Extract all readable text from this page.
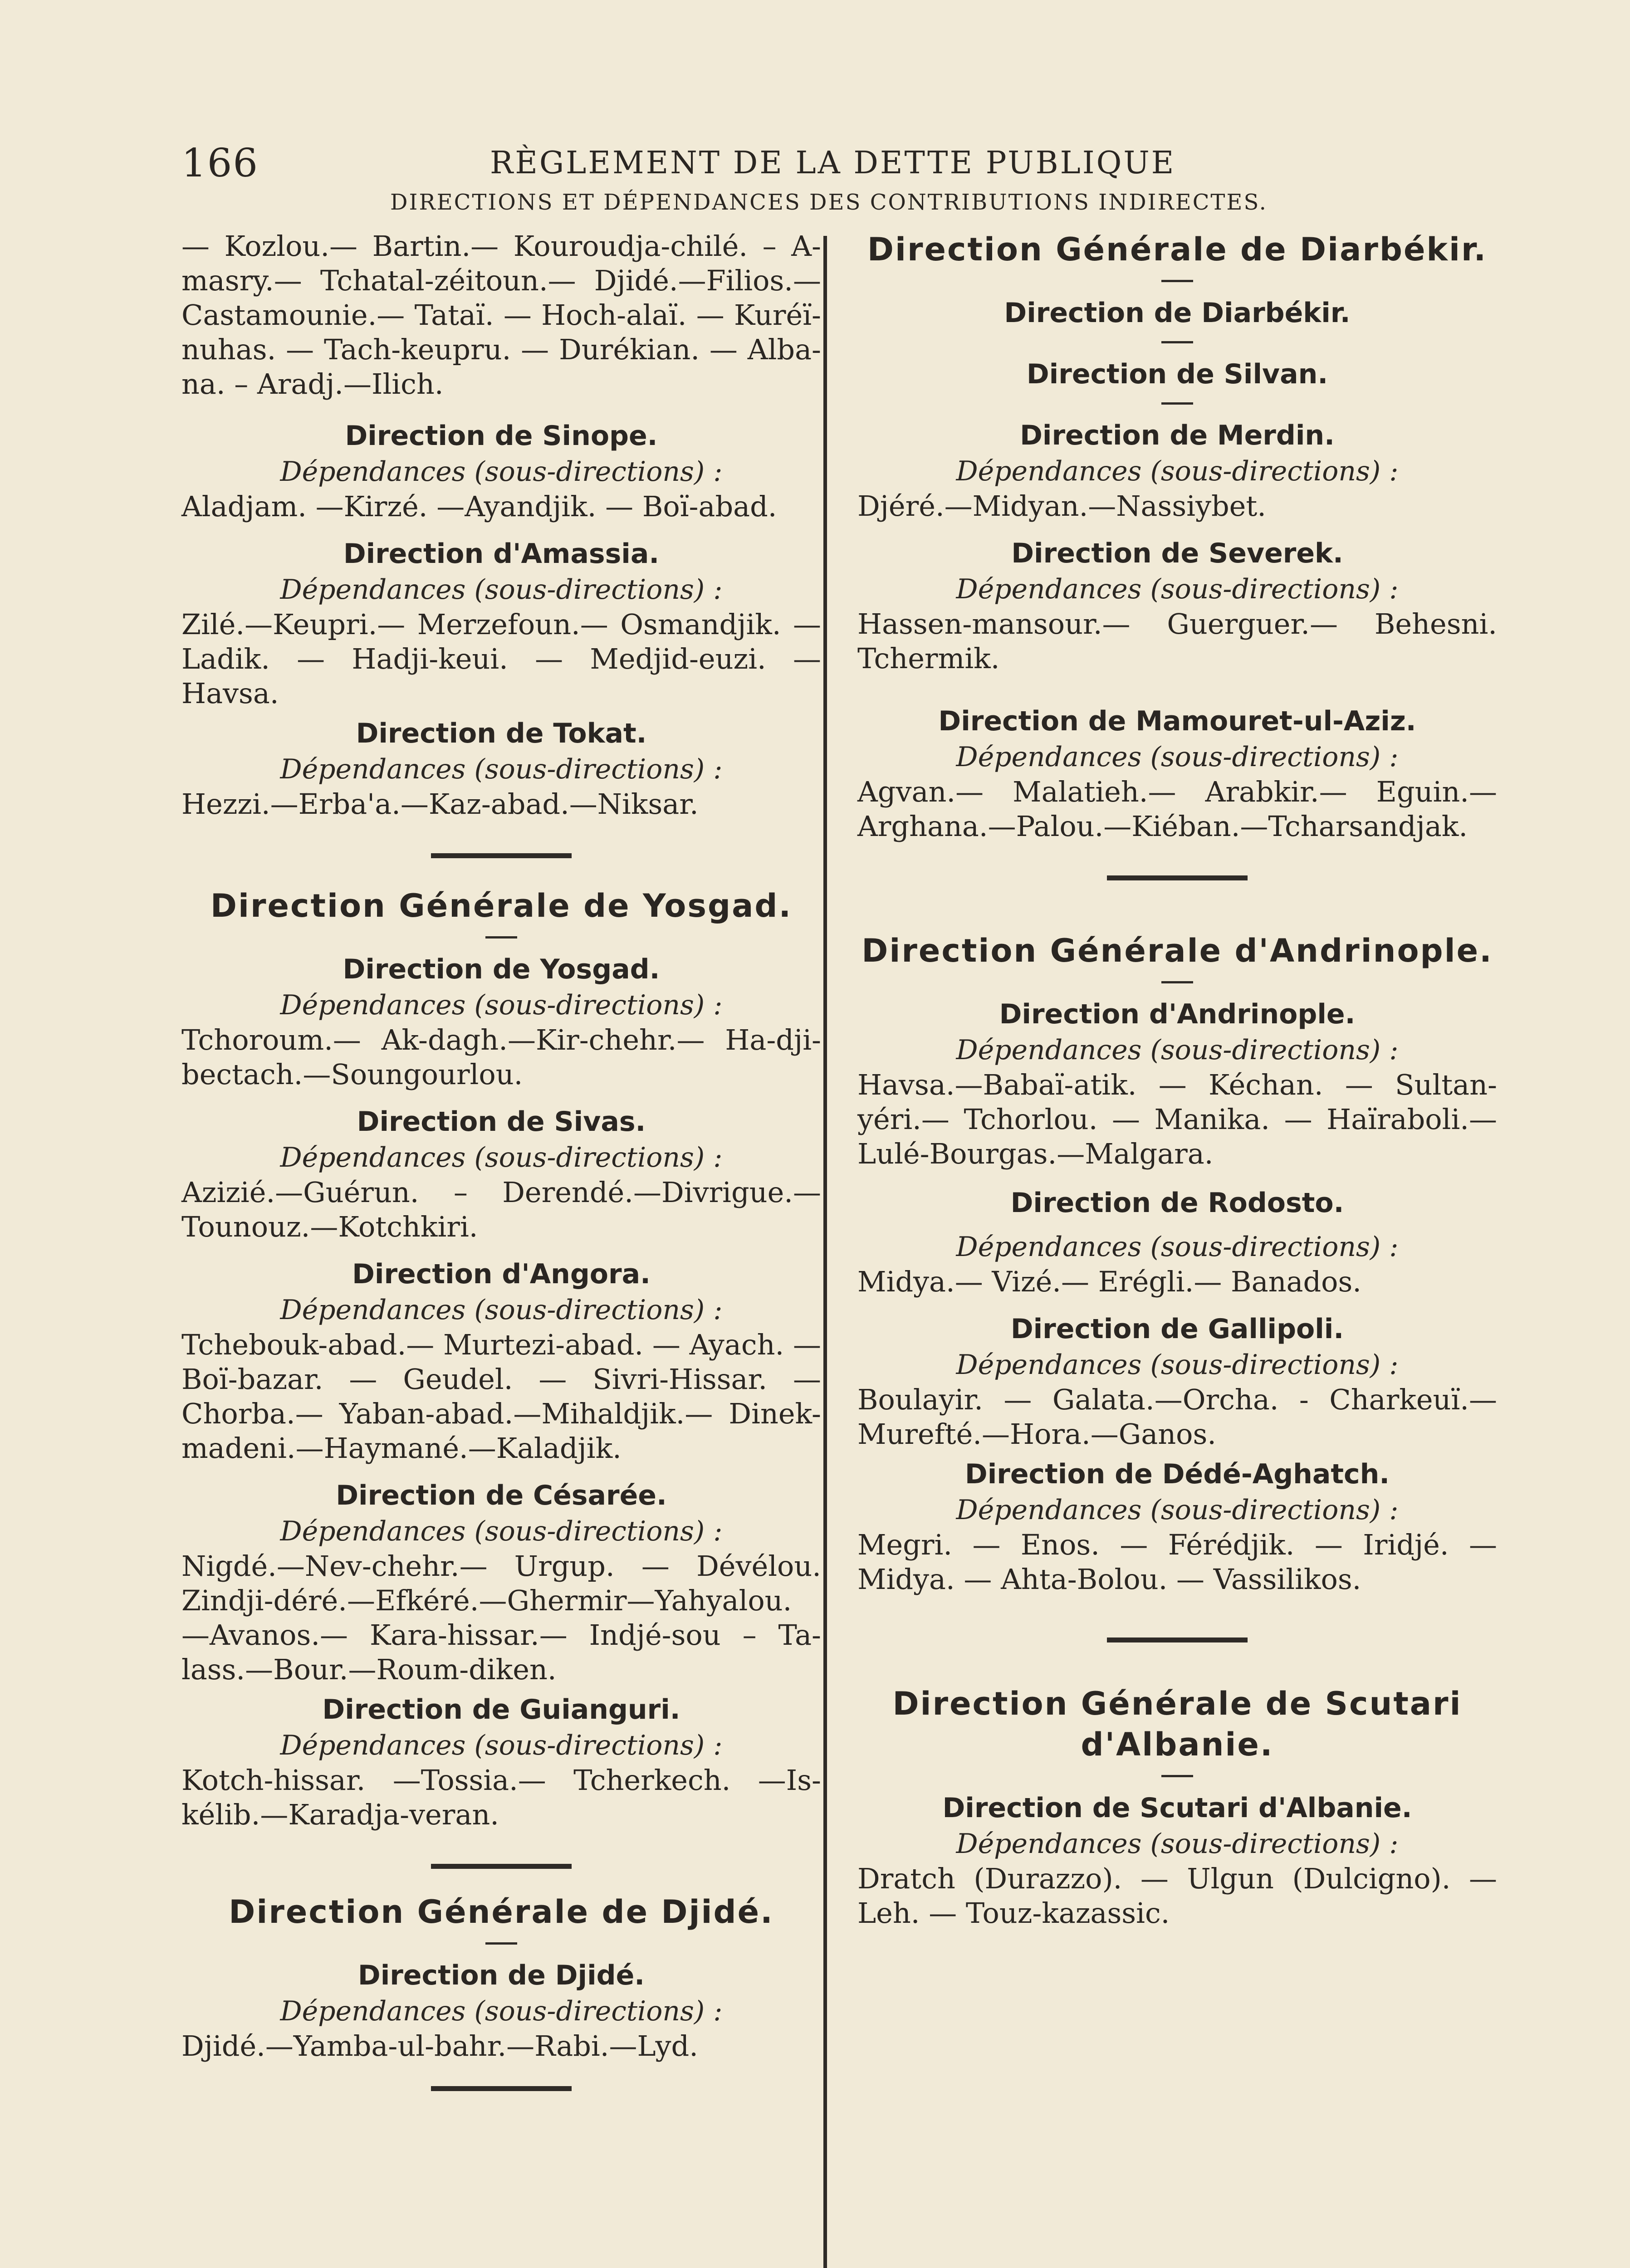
166	RÈGLEMENT DE LA DETTE PUBLIQUE
DIRECTIONS ET DÉPENDANCES DES CONTRIBUTIONS INDIRECTES.

— Kozlou.— Bartin.— Kouroudja-chilé. – A-masry.— Tchatal-zéitoun.— Djidé.—Filios.— Castamounie.— Tataï. — Hoch-alaï. — Kuréï-nuhas. — Tach-keupru. — Durékian. — Alba-na. – Aradj.—Ilich.

Direction de Sinope.

Dépendances (sous-directions) :

Aladjam. —Kirzé. —Ayandjik. — Boï-abad.

Direction d'Amassia.

Dépendances (sous-directions) :

Zilé.—Keupri.— Merzefoun.— Osmandjik. — Ladik. — Hadji-keui. — Medjid-euzi. — Havsa.

Direction de Tokat.

Dépendances (sous-directions) :

Hezzi.—Erba'a.—Kaz-abad.—Niksar.

Direction Générale de Yosgad.

Direction de Yosgad.

Dépendances (sous-directions) :

Tchoroum.— Ak-dagh.—Kir-chehr.— Ha-dji-bectach.—Soungourlou.

Direction de Sivas.

Dépendances (sous-directions) :

Azizié.—Guérun. – Derendé.—Divrigue.— Tounouz.—Kotchkiri.

Direction d'Angora.

Dépendances (sous-directions) :

Tchebouk-abad.— Murtezi-abad. — Ayach. — Boï-bazar. — Geudel. — Sivri-Hissar. — Chorba.— Yaban-abad.—Mihaldjik.— Dinek-madeni.—Haymané.—Kaladjik.

Direction de Césarée.

Dépendances (sous-directions) :

Nigdé.—Nev-chehr.— Urgup. — Dévélou. Zindji-déré.—Efkéré.—Ghermir—Yahyalou. —Avanos.— Kara-hissar.— Indjé-sou – Ta-lass.—Bour.—Roum-diken.

Direction de Guianguri.

Dépendances (sous-directions) :

Kotch-hissar. —Tossia.— Tcherkech. —Is-kélib.—Karadja-veran.

Direction Générale de Djidé.

Direction de Djidé.

Dépendances (sous-directions) :

Djidé.—Yamba-ul-bahr.—Rabi.—Lyd.

Direction Générale de Diarbékir.

Direction de Diarbékir.

Direction de Silvan.

Direction de Merdin.

Dépendances (sous-directions) :

Djéré.—Midyan.—Nassiybet.

Direction de Severek.

Dépendances (sous-directions) :

Hassen-mansour.— Guerguer.— Behesni. Tchermik.

Direction de Mamouret-ul-Aziz.

Dépendances (sous-directions) :

Agvan.— Malatieh.— Arabkir.— Eguin.— Arghana.—Palou.—Kiéban.—Tcharsandjak.

Direction Générale d'Andrinople.

Direction d'Andrinople.

Dépendances (sous-directions) :

Havsa.—Babaï-atik. — Kéchan. — Sultan-yéri.— Tchorlou. — Manika. — Haïraboli.— Lulé-Bourgas.—Malgara.

Direction de Rodosto.

Dépendances (sous-directions) :

Midya.— Vizé.— Erégli.— Banados.

Direction de Gallipoli.

Dépendances (sous-directions) :

Boulayir. — Galata.—Orcha. - Charkeuï.— Murefté.—Hora.—Ganos.

Direction de Dédé-Aghatch.

Dépendances (sous-directions) :

Megri. — Enos. — Férédjik. — Iridjé. — Midya. — Ahta-Bolou. — Vassilikos.

Direction Générale de Scutari

d'Albanie.

Direction de Scutari d'Albanie.

Dépendances (sous-directions) :

Dratch (Durazzo). — Ulgun (Dulcigno). — Leh. — Touz-kazassic.
